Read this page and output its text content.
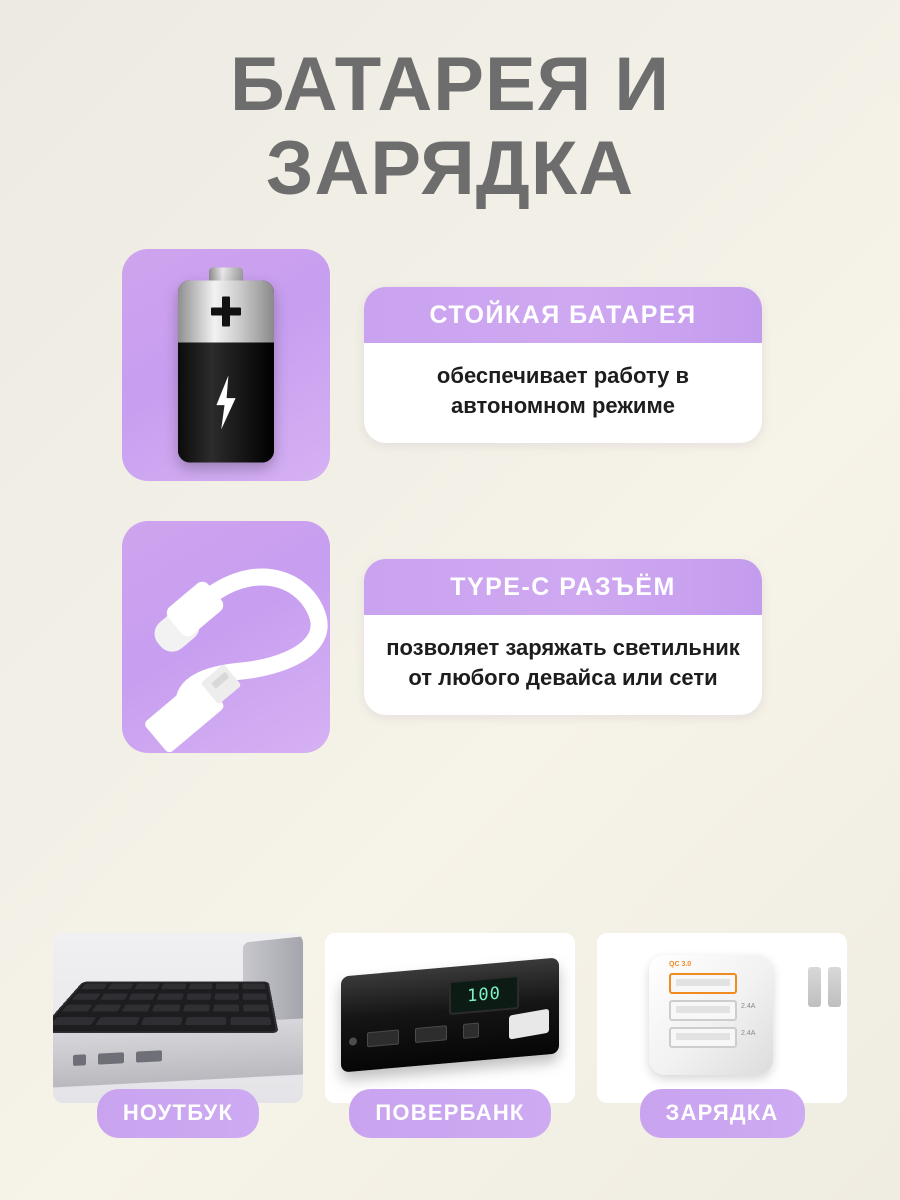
БАТАРЕЯ И
ЗАРЯДКА
СТОЙКАЯ БАТАРЕЯ
обеспечивает работу в автономном режиме
TYPE-C РАЗЪЁМ
позволяет заряжать светильник от любого девайса или сети
НОУТБУК
100
ПОВЕРБАНК
QC 3.0
2.4A
2.4A
ЗАРЯДКА
